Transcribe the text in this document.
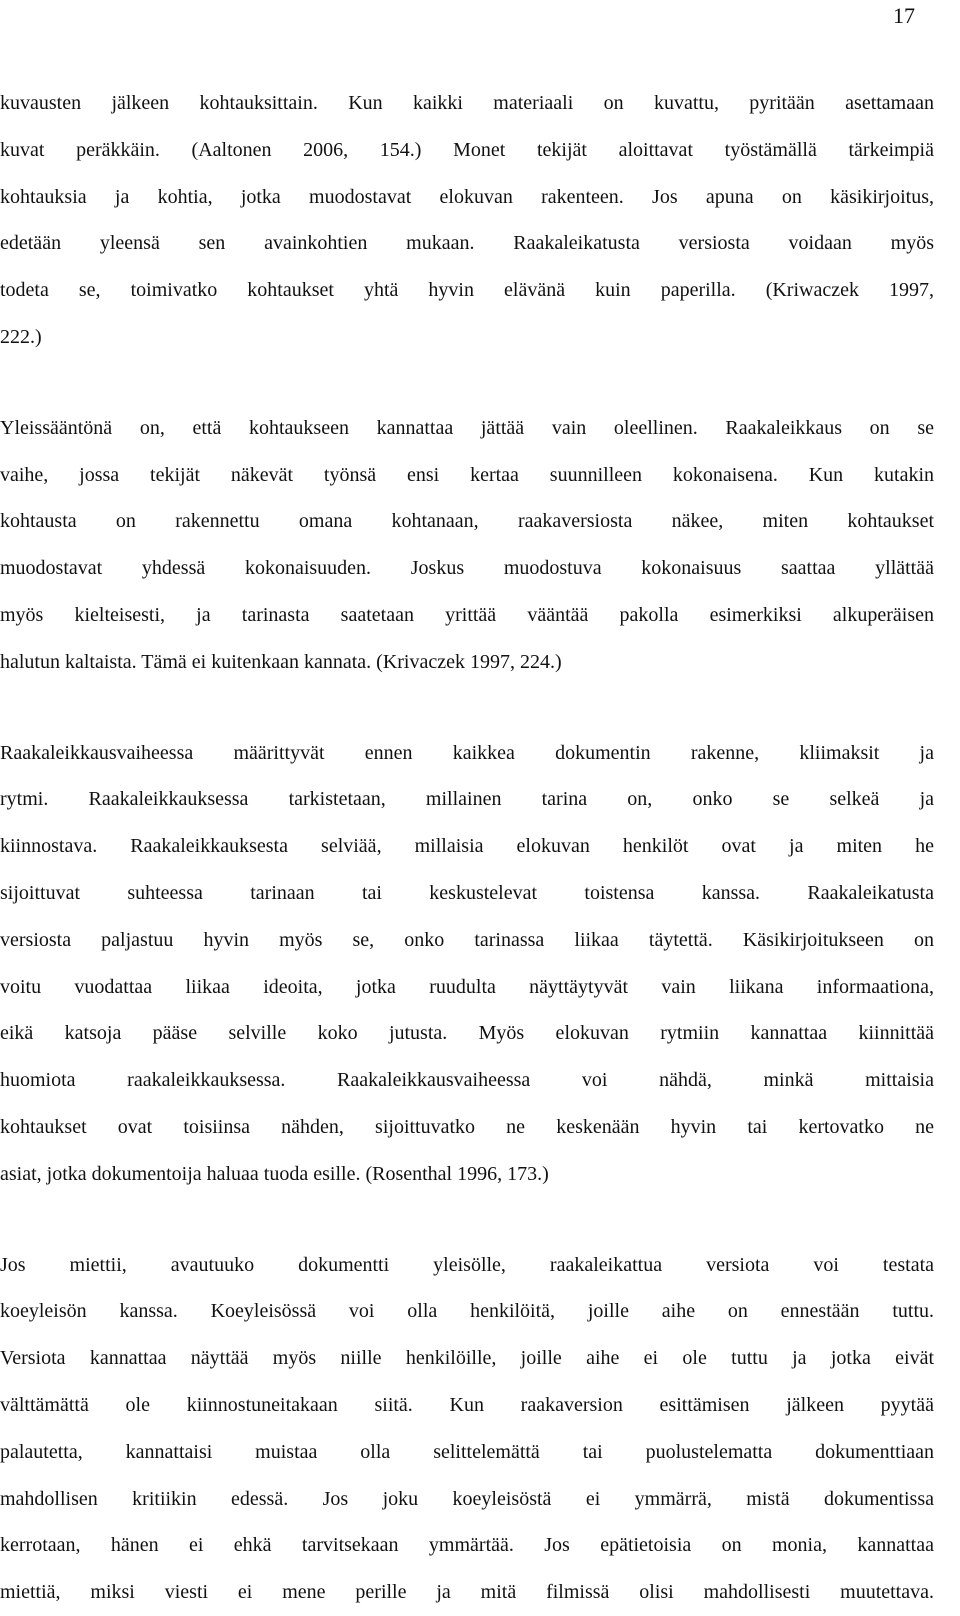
17

kuvausten jälkeen kohtauksittain. Kun kaikki materiaali on kuvattu, pyritään asettamaan
kuvat peräkkäin. (Aaltonen 2006, 154.) Monet tekijät aloittavat työstämällä tärkeimpiä
kohtauksia ja kohtia, jotka muodostavat elokuvan rakenteen. Jos apuna on käsikirjoitus,
edetään yleensä sen avainkohtien mukaan. Raakaleikatusta versiosta voidaan myös
todeta se, toimivatko kohtaukset yhtä hyvin elävänä kuin paperilla. (Kriwaczek 1997,
222.)

Yleissääntönä on, että kohtaukseen kannattaa jättää vain oleellinen. Raakaleikkaus on se
vaihe, jossa tekijät näkevät työnsä ensi kertaa suunnilleen kokonaisena. Kun kutakin
kohtausta on rakennettu omana kohtanaan, raakaversiosta näkee, miten kohtaukset
muodostavat yhdessä kokonaisuuden. Joskus muodostuva kokonaisuus saattaa yllättää
myös kielteisesti, ja tarinasta saatetaan yrittää vääntää pakolla esimerkiksi alkuperäisen
halutun kaltaista. Tämä ei kuitenkaan kannata. (Krivaczek 1997, 224.)

Raakaleikkausvaiheessa määrittyvät ennen kaikkea dokumentin rakenne, kliimaksit ja
rytmi. Raakaleikkauksessa tarkistetaan, millainen tarina on, onko se selkeä ja
kiinnostava. Raakaleikkauksesta selviää, millaisia elokuvan henkilöt ovat ja miten he
sijoittuvat suhteessa tarinaan tai keskustelevat toistensa kanssa. Raakaleikatusta
versiosta paljastuu hyvin myös se, onko tarinassa liikaa täytettä. Käsikirjoitukseen on
voitu vuodattaa liikaa ideoita, jotka ruudulta näyttäytyvät vain liikana informaationa,
eikä katsoja pääse selville koko jutusta. Myös elokuvan rytmiin kannattaa kiinnittää
huomiota raakaleikkauksessa. Raakaleikkausvaiheessa voi nähdä, minkä mittaisia
kohtaukset ovat toisiinsa nähden, sijoittuvatko ne keskenään hyvin tai kertovatko ne
asiat, jotka dokumentoija haluaa tuoda esille. (Rosenthal 1996, 173.)

Jos miettii, avautuuko dokumentti yleisölle, raakaleikattua versiota voi testata
koeyleisön kanssa. Koeyleisössä voi olla henkilöitä, joille aihe on ennestään tuttu.
Versiota kannattaa näyttää myös niille henkilöille, joille aihe ei ole tuttu ja jotka eivät
välttämättä ole kiinnostuneitakaan siitä. Kun raakaversion esittämisen jälkeen pyytää
palautetta, kannattaisi muistaa olla selittelemättä tai puolustelematta dokumenttiaan
mahdollisen kritiikin edessä. Jos joku koeyleisöstä ei ymmärrä, mistä dokumentissa
kerrotaan, hänen ei ehkä tarvitsekaan ymmärtää. Jos epätietoisia on monia, kannattaa
miettiä, miksi viesti ei mene perille ja mitä filmissä olisi mahdollisesti muutettava.
